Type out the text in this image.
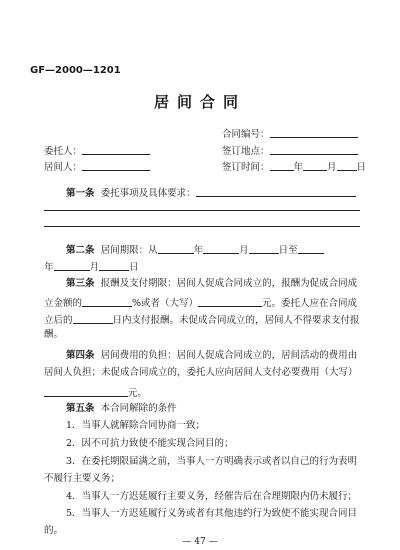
GF—2000—1201
居间合同
合同编号：
委托人：	签订地点：
居间人：	签订时间：	年	月 日
第一条 委托事项及具体要求：
第二条 居间期限：从	年	月	日至
年	月	日
第三条 报酬及支付期限：居间人促成合同成立的，报酬为促成合同成
立金额的	%或者（大写）	元。委托人应在合同成
立后的	日内支付报酬。未促成合同成立的，居间人不得要求支付报
酬。
第四条 居间费用的负担：居间人促成合同成立的，居间活动的费用由
居间人负担；未促成合同成立的，委托人应向居间人支付必要费用（大写）
元。
第五条 本合同解除的条件
1．当事人就解除合同协商一致；
2．因不可抗力致使不能实现合同目的；
3．在委托期限届满之前，当事人一方明确表示或者以自己的行为表明
不履行主要义务；
4．当事人一方迟延履行主要义务，经催告后在合理期限内仍未履行；
5．当事人一方迟延履行义务或者有其他违约行为致使不能实现合同目
的。
— 47 —
